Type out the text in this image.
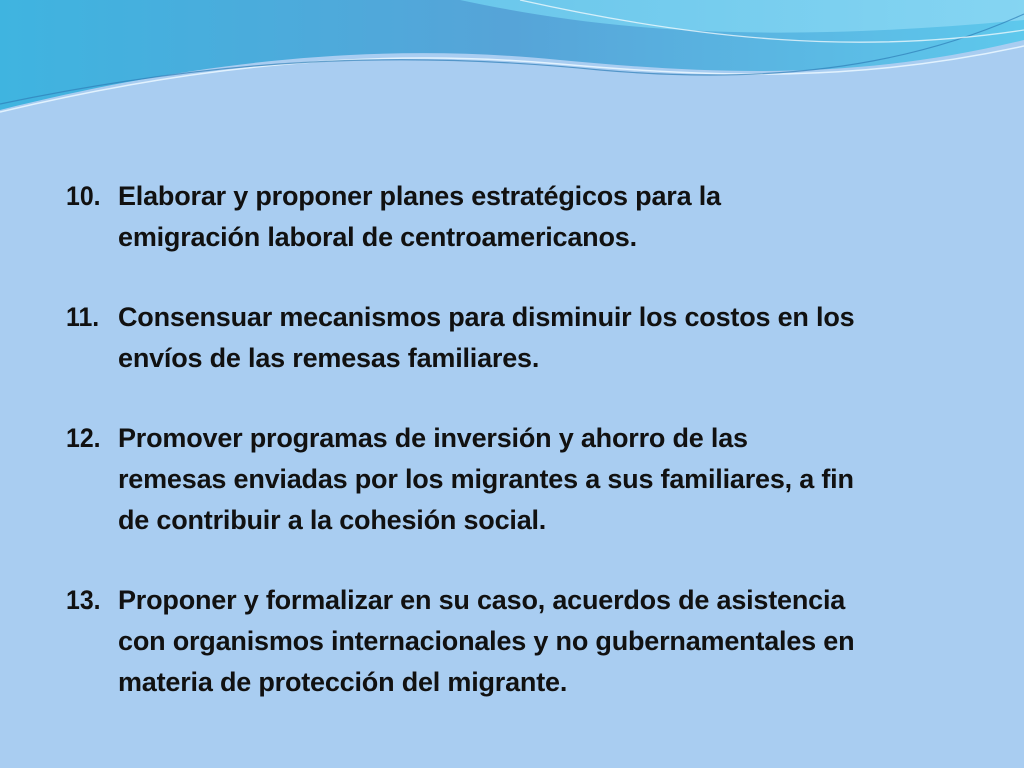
10. Elaborar y proponer planes estratégicos para la
emigración laboral de centroamericanos.
11. Consensuar mecanismos para disminuir los costos en los
envíos de las remesas familiares.
12. Promover programas de inversión y ahorro de las
remesas enviadas por los migrantes a sus familiares, a fin
de contribuir a la cohesión social.
13. Proponer y formalizar en su caso, acuerdos de asistencia
con organismos internacionales y no gubernamentales en
materia de protección del migrante.
